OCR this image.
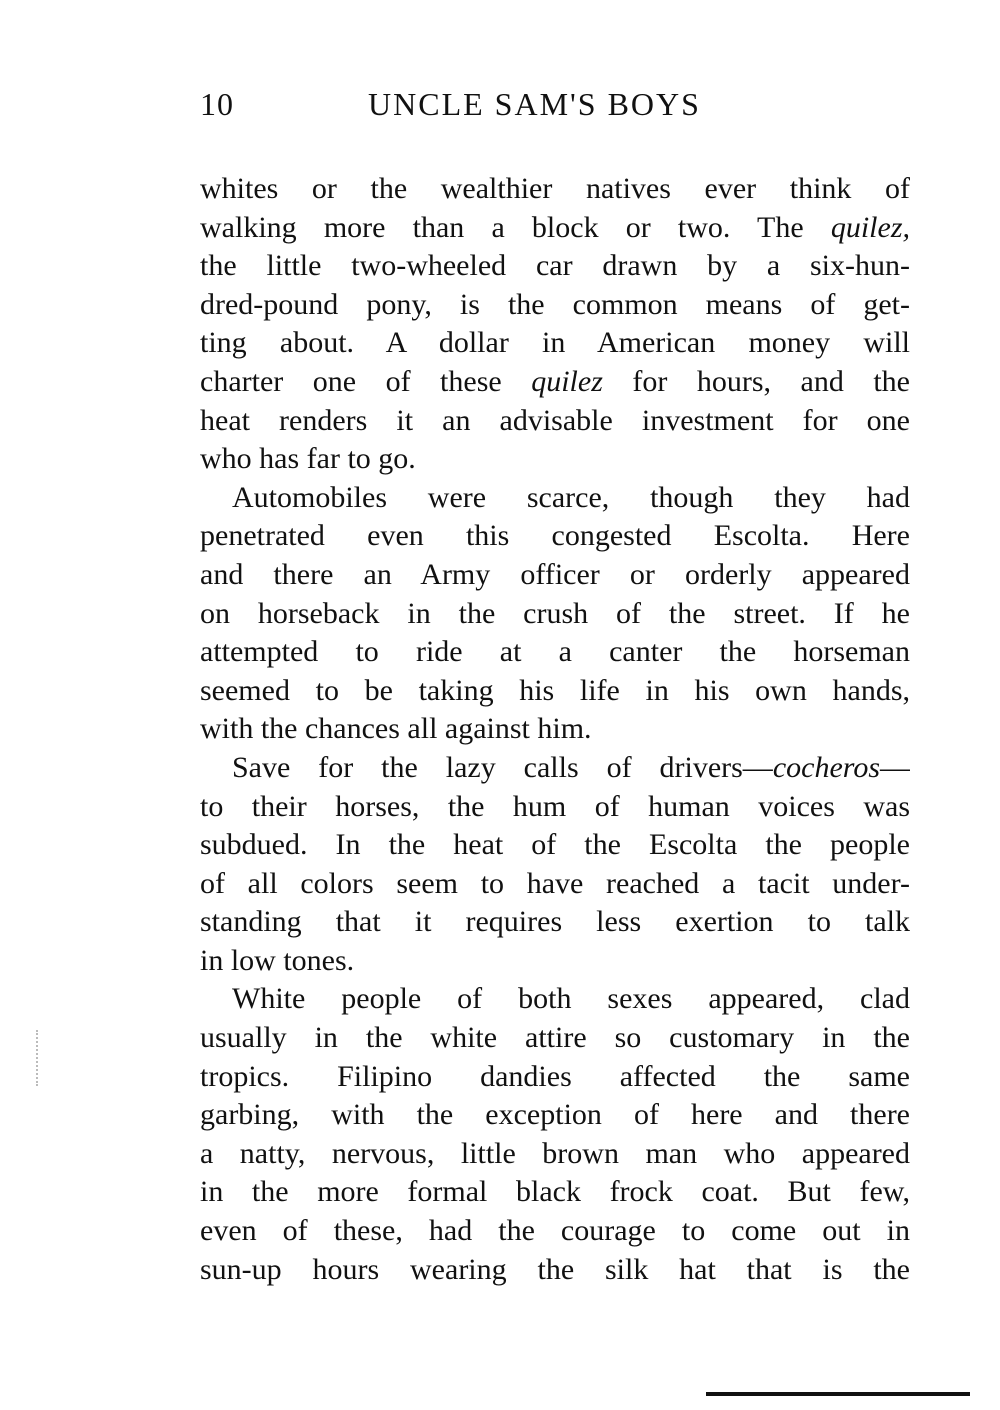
10	UNCLE SAM'S BOYS
whites or the wealthier natives ever think of
walking more than a block or two. The quilez,
the little two-wheeled car drawn by a six-hun-
dred-pound pony, is the common means of get-
ting about. A dollar in American money will
charter one of these quilez for hours, and the
heat renders it an advisable investment for one
who has far to go.
Automobiles were scarce, though they had
penetrated even this congested Escolta. Here
and there an Army officer or orderly appeared
on horseback in the crush of the street. If he
attempted to ride at a canter the horseman
seemed to be taking his life in his own hands,
with the chances all against him.
Save for the lazy calls of drivers—cocheros—
to their horses, the hum of human voices was
subdued. In the heat of the Escolta the people
of all colors seem to have reached a tacit under-
standing that it requires less exertion to talk
in low tones.
White people of both sexes appeared, clad
usually in the white attire so customary in the
tropics. Filipino dandies affected the same
garbing, with the exception of here and there
a natty, nervous, little brown man who appeared
in the more formal black frock coat. But few,
even of these, had the courage to come out in
sun-up hours wearing the silk hat that is the
